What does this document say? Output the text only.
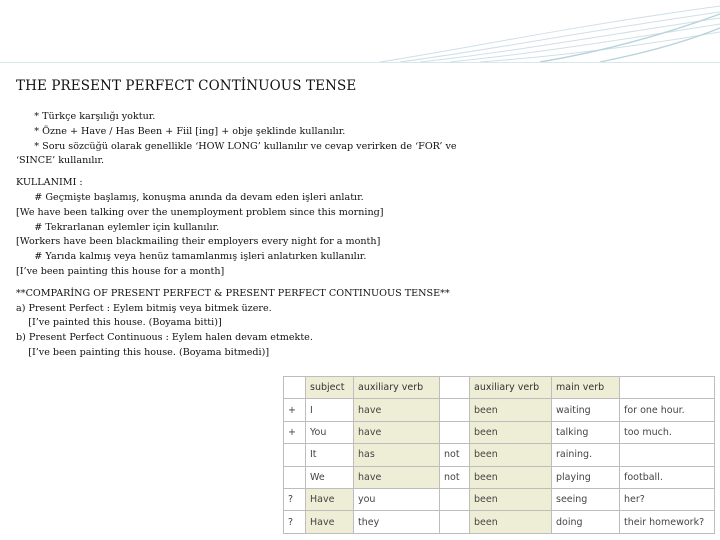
THE PRESENT PERFECT CONTİNUOUS TENSE
* Türkçe karşılığı yoktur.
* Özne + Have / Has Been + Fiil [ing] + obje şeklinde kullanılır.
* Soru sözcüğü olarak genellikle ‘HOW LONG’ kullanılır ve cevap verirken de ‘FOR’ ve
‘SINCE’ kullanılır.
KULLANIMI :
# Geçmişte başlamış, konuşma anında da devam eden işleri anlatır.
[We have been talking over the unemployment problem since this morning]
# Tekrarlanan eylemler için kullanılır.
[Workers have been blackmailing their employers every night for a month]
# Yarıda kalmış veya henüz tamamlanmış işleri anlatırken kullanılır.
[I’ve been painting this house for a month]
**COMPARİNG OF PRESENT PERFECT & PRESENT PERFECT CONTINUOUS TENSE**
a) Present Perfect : Eylem bitmiş veya bitmek üzere.
[I’ve painted this house. (Boyama bitti)]
b) Present Perfect Continuous : Eylem halen devam etmekte.
[I’ve been painting this house. (Boyama bitmedi)]
	subject	auxiliary verb		auxiliary verb	main verb	
+	I	have		been	waiting	for one hour.
+	You	have		been	talking	too much.
	It	has	not	been	raining.	
	We	have	not	been	playing	football.
?	Have	you		been	seeing	her?
?	Have	they		been	doing	their homework?
